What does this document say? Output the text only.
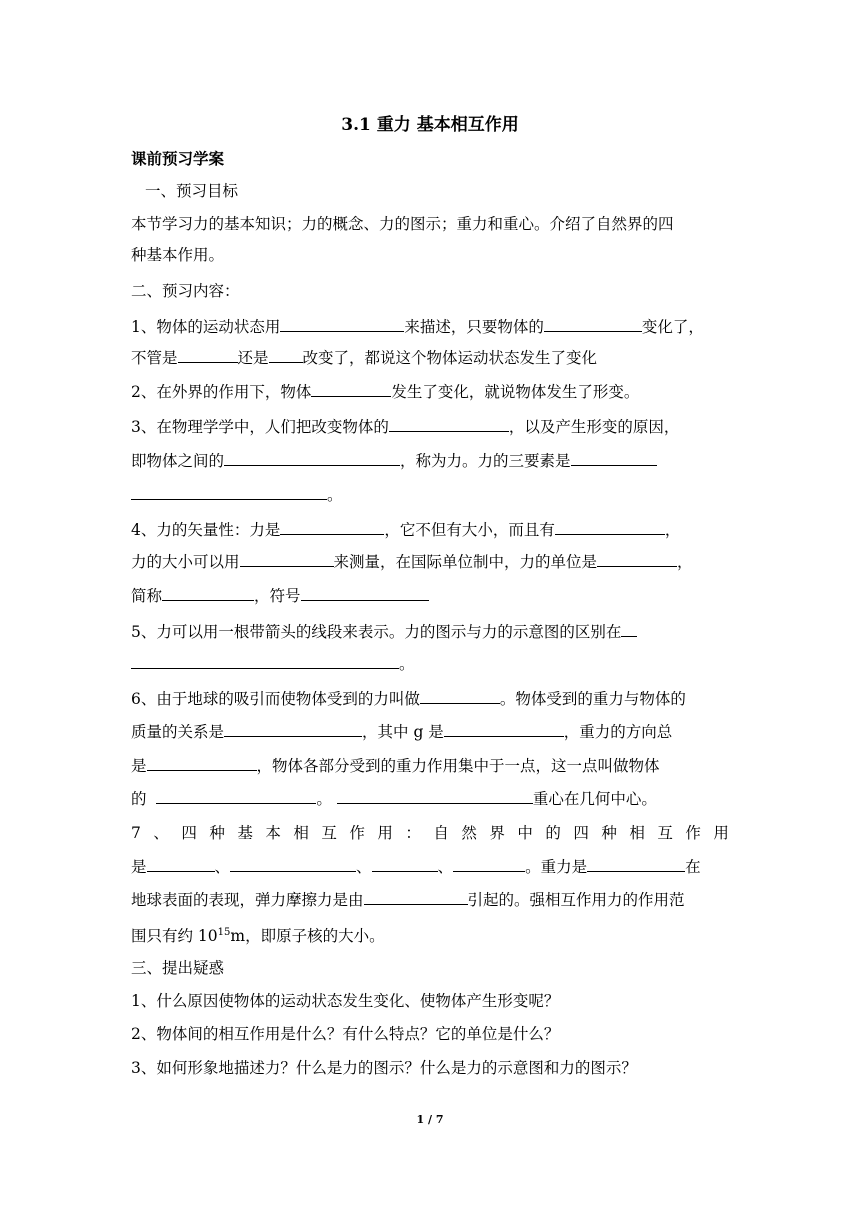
3.1 重力 基本相互作用
课前预习学案
一、预习目标
本节学习力的基本知识；力的概念、力的图示；重力和重心。介绍了自然界的四
种基本作用。
二、预习内容：
1、物体的运动状态用	来描述，只要物体的	变化了，
不管是	还是 改变了，都说这个物体运动状态发生了变化
2、在外界的作用下，物体	发生了变化，就说物体发生了形变。
3、在物理学学中，人们把改变物体的	，以及产生形变的原因，
即物体之间的	，称为力。力的三要素是
。
4、力的矢量性：力是	，它不但有大小，而且有	，
力的大小可以用	来测量，在国际单位制中，力的单位是	，
简称	，符号
5、力可以用一根带箭头的线段来表示。力的图示与力的示意图的区别在
。
6、由于地球的吸引而使物体受到的力叫做	。物体受到的重力与物体的
质量的关系是	，其中 g 是	，重力的方向总
是	，物体各部分受到的重力作用集中于一点，这一点叫做物体
的	。	重心在几何中心。
7 、 四 种 基 本 相 互 作 用 ： 自 然 界 中 的 四 种 相 互 作 用
是	、	、	、	。重力是	在
地球表面的表现，弹力摩擦力是由	引起的。强相互作用力的作用范
围只有约 $10^{15}m$，即原子核的大小。
三、提出疑惑
1、什么原因使物体的运动状态发生变化、使物体产生形变呢？
2、物体间的相互作用是什么？有什么特点？它的单位是什么？
3、如何形象地描述力？什么是力的图示？什么是力的示意图和力的图示？
1 / 7
